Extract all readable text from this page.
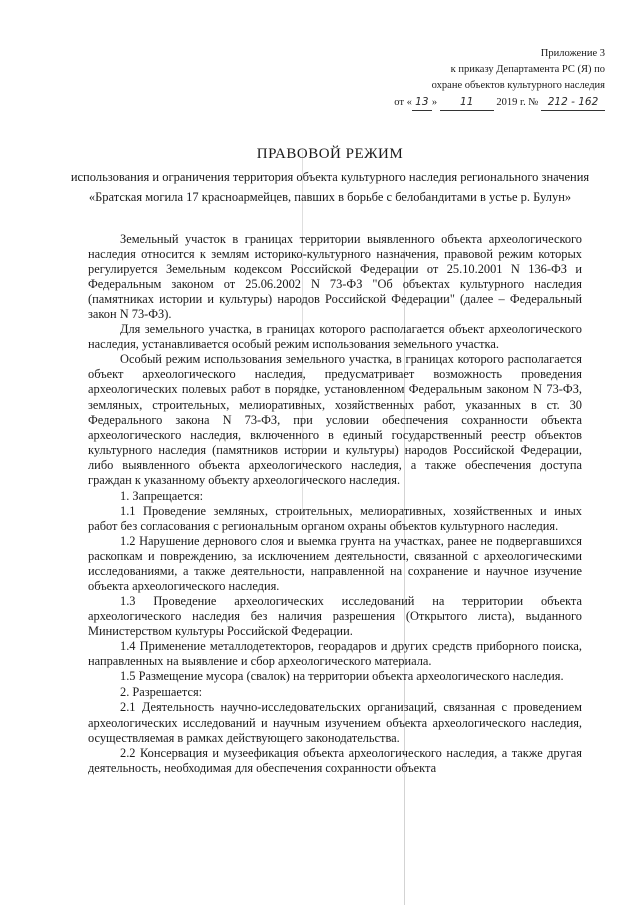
Приложение 3
к приказу Департамента РС (Я) по
охране объектов культурного наследия
от « 13 » 11 2019 г. № 212 - 162
ПРАВОВОЙ РЕЖИМ

использования и ограничения территория объекта культурного наследия регионального значения

«Братская могила 17 красноармейцев, павших в борьбе с белобандитами в устье р. Булун»

Земельный участок в границах территории выявленного объекта археологического наследия относится к землям историко-культурного назначения, правовой режим которых регулируется Земельным кодексом Российской Федерации от 25.10.2001 N 136-ФЗ и Федеральным законом от 25.06.2002 N 73-ФЗ "Об объектах культурного наследия (памятниках истории и культуры) народов Российской Федерации" (далее – Федеральный закон N 73-ФЗ).

Для земельного участка, в границах которого располагается объект археологического наследия, устанавливается особый режим использования земельного участка.

Особый режим использования земельного участка, в границах которого располагается объект археологического наследия, предусматривает возможность проведения археологических полевых работ в порядке, установленном Федеральным законом N 73-ФЗ, земляных, строительных, мелиоративных, хозяйственных работ, указанных в ст. 30 Федерального закона N 73-ФЗ, при условии обеспечения сохранности объекта археологического наследия, включенного в единый государственный реестр объектов культурного наследия (памятников истории и культуры) народов Российской Федерации, либо выявленного объекта археологического наследия, а также обеспечения доступа граждан к указанному объекту археологического наследия.

1. Запрещается:

1.1 Проведение земляных, строительных, мелиоративных, хозяйственных и иных работ без согласования с региональным органом охраны объектов культурного наследия.

1.2 Нарушение дернового слоя и выемка грунта на участках, ранее не подвергавшихся раскопкам и повреждению, за исключением деятельности, связанной с археологическими исследованиями, а также деятельности, направленной на сохранение и научное изучение объекта археологического наследия.

1.3 Проведение археологических исследований на территории объекта археологического наследия без наличия разрешения (Открытого листа), выданного Министерством культуры Российской Федерации.

1.4 Применение металлодетекторов, георадаров и других средств приборного поиска, направленных на выявление и сбор археологического материала.

1.5 Размещение мусора (свалок) на территории объекта археологического наследия.

2. Разрешается:

2.1 Деятельность научно-исследовательских организаций, связанная с проведением археологических исследований и научным изучением объекта археологического наследия, осуществляемая в рамках действующего законодательства.

2.2 Консервация и музеефикация объекта археологического наследия, а также другая деятельность, необходимая для обеспечения сохранности объекта
